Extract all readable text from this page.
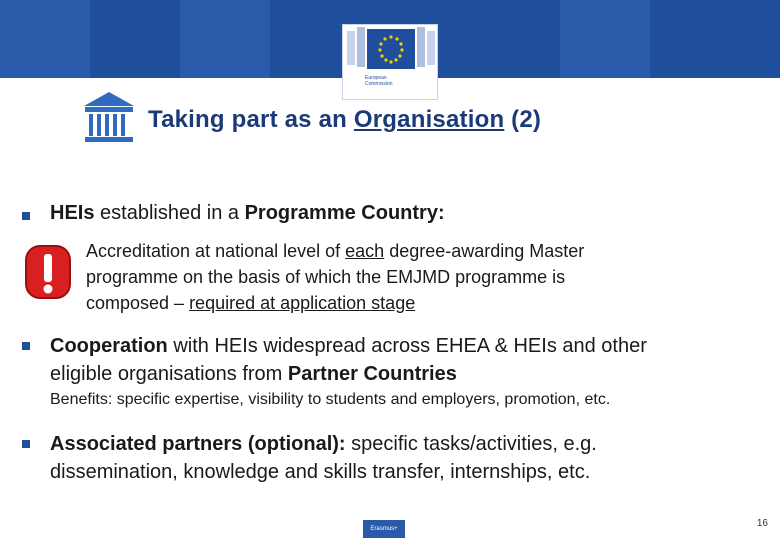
European
Commission
Taking part as an Organisation (2)
HEIs established in a Programme Country:
Accreditation at national level of each degree-awarding Master
programme on the basis of which the EMJMD programme is
composed – required at application stage
Cooperation with HEIs widespread across EHEA & HEIs and other
eligible organisations from Partner Countries
Benefits: specific expertise, visibility to students and employers, promotion, etc.
Associated partners (optional): specific tasks/activities, e.g.
dissemination, knowledge and skills transfer, internships, etc.
Erasmus+	16
